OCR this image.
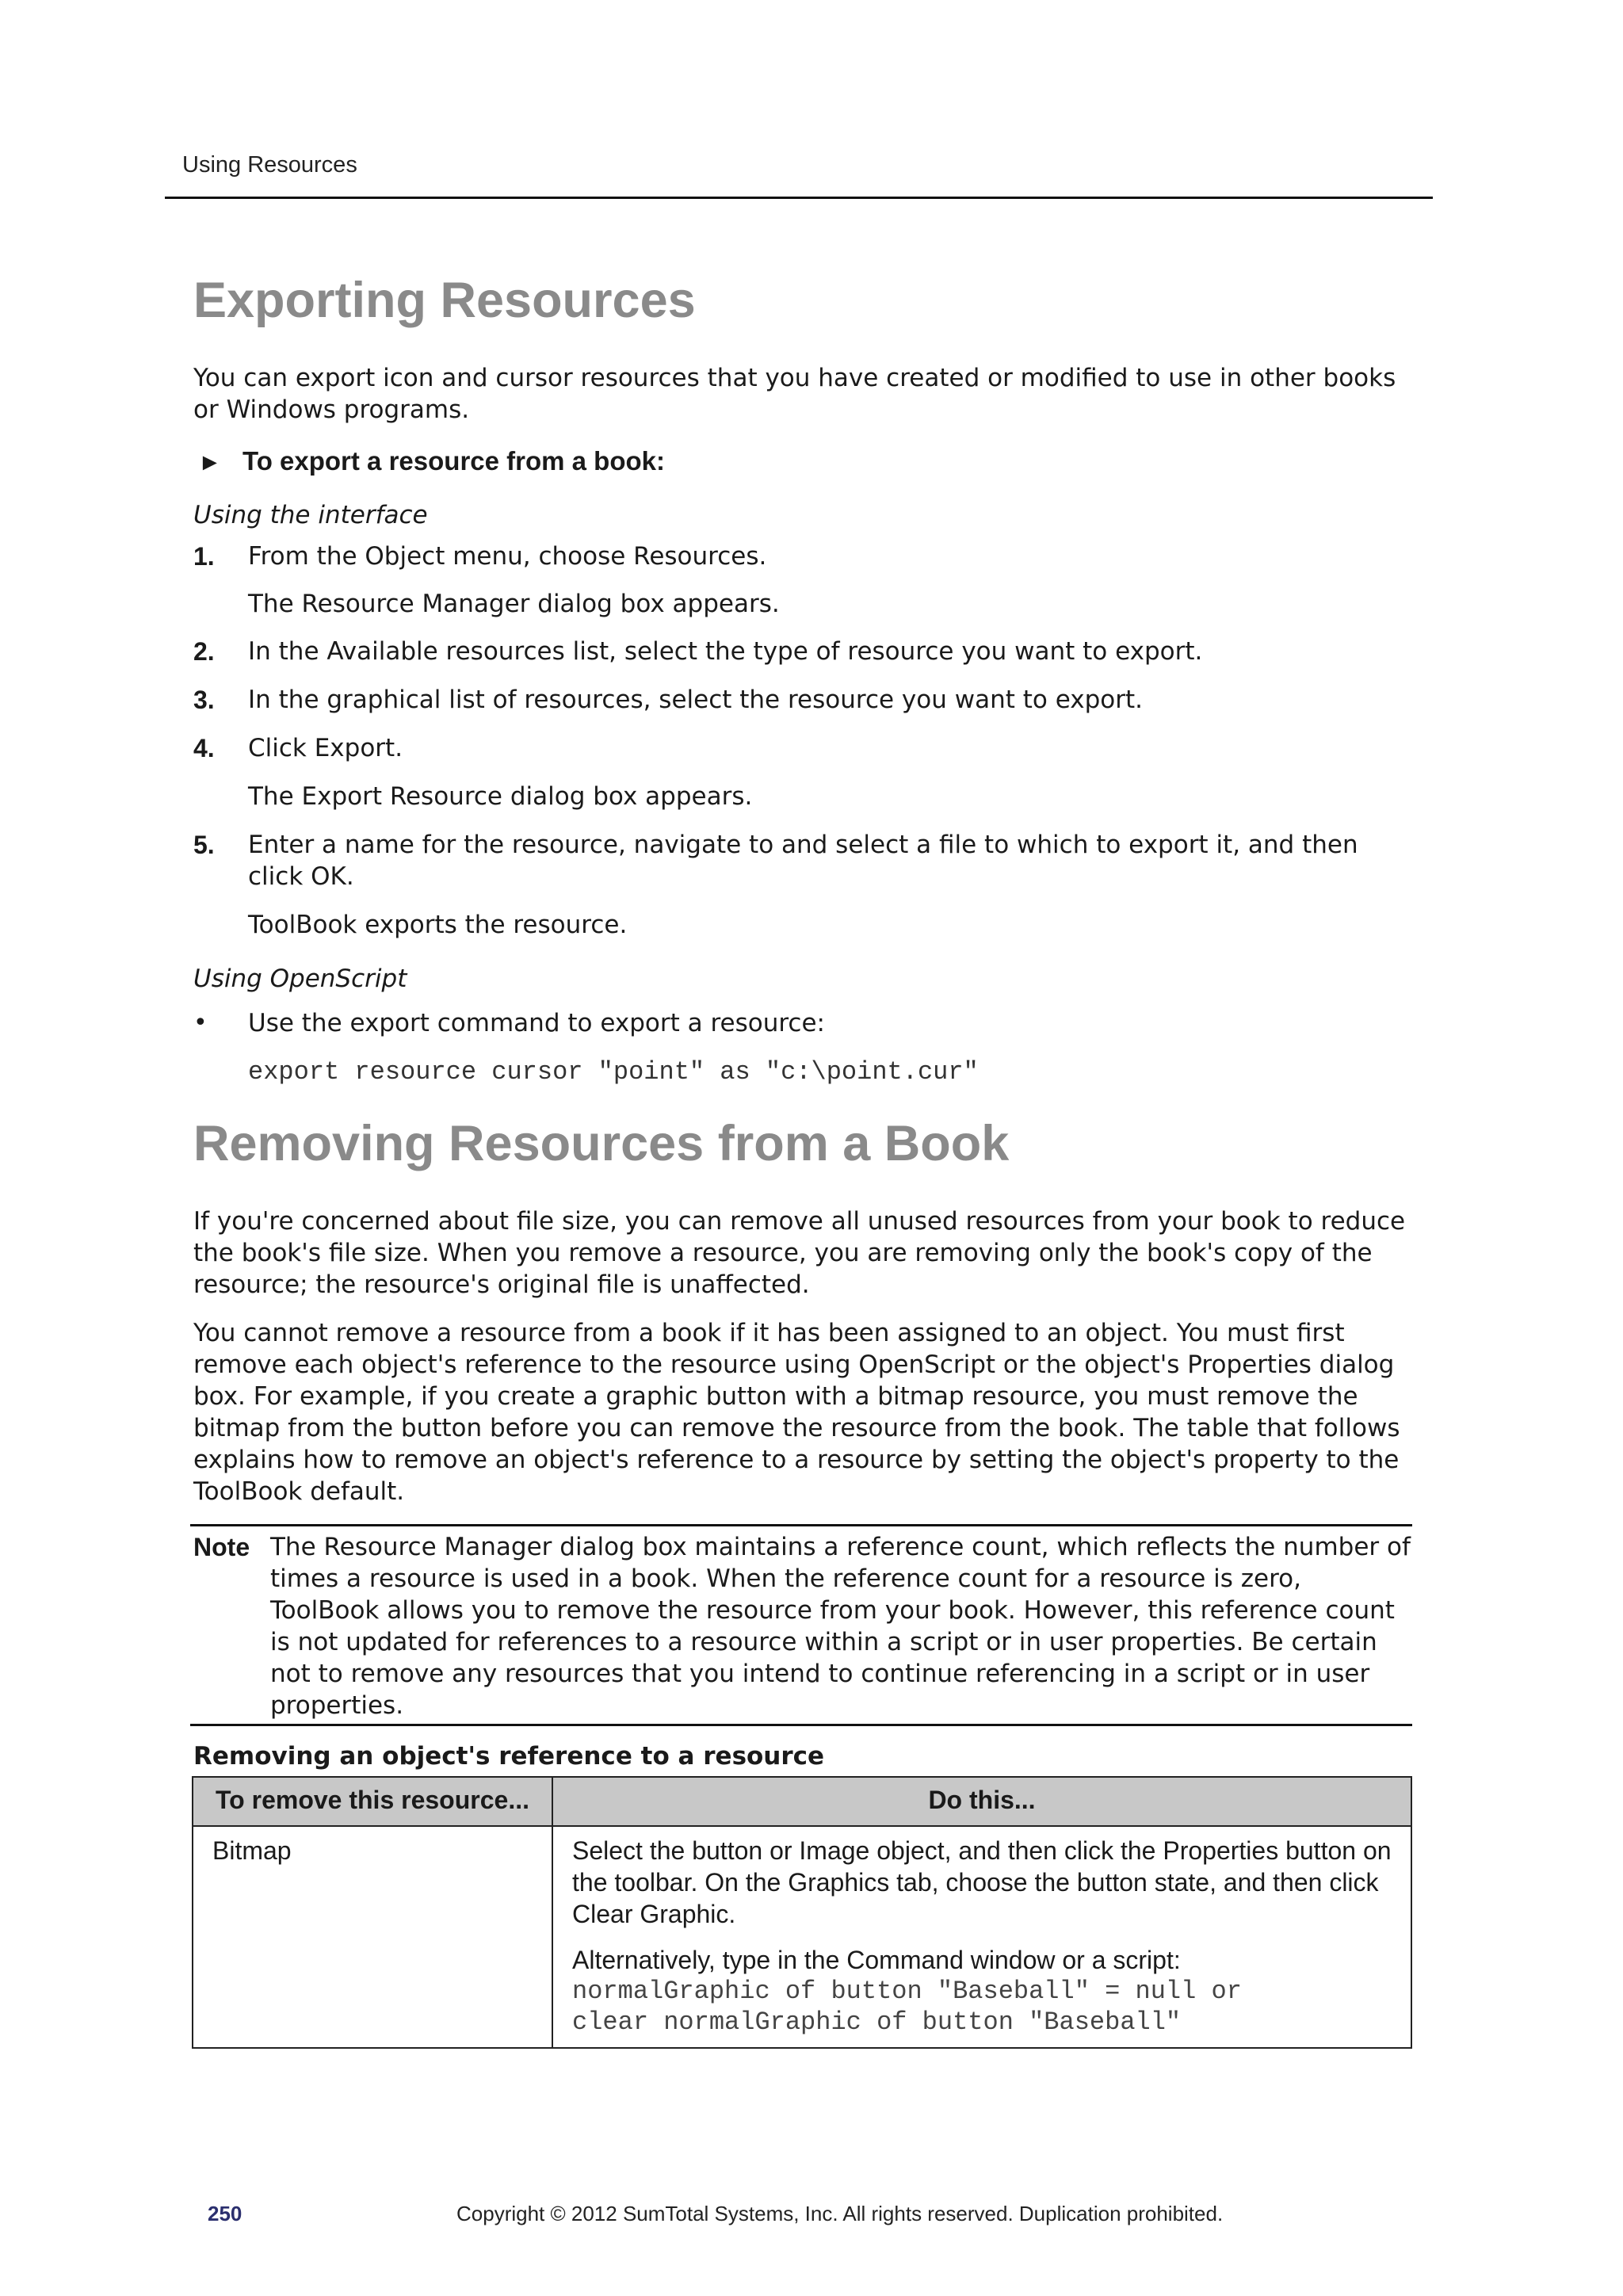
Using Resources
Exporting Resources
You can export icon and cursor resources that you have created or modified to use in other books or Windows programs.
► To export a resource from a book:
Using the interface
1. From the Object menu, choose Resources.
The Resource Manager dialog box appears.
2. In the Available resources list, select the type of resource you want to export.
3. In the graphical list of resources, select the resource you want to export.
4. Click Export.
The Export Resource dialog box appears.
5. Enter a name for the resource, navigate to and select a file to which to export it, and then click OK.
ToolBook exports the resource.
Using OpenScript
• Use the export command to export a resource:
export resource cursor "point" as "c:\point.cur"
Removing Resources from a Book
If you're concerned about file size, you can remove all unused resources from your book to reduce the book's file size. When you remove a resource, you are removing only the book's copy of the resource; the resource's original file is unaffected.
You cannot remove a resource from a book if it has been assigned to an object. You must first remove each object's reference to the resource using OpenScript or the object's Properties dialog box. For example, if you create a graphic button with a bitmap resource, you must remove the bitmap from the button before you can remove the resource from the book. The table that follows explains how to remove an object's reference to a resource by setting the object's property to the ToolBook default.
Note The Resource Manager dialog box maintains a reference count, which reflects the number of times a resource is used in a book. When the reference count for a resource is zero, ToolBook allows you to remove the resource from your book. However, this reference count is not updated for references to a resource within a script or in user properties. Be certain not to remove any resources that you intend to continue referencing in a script or in user properties.
Removing an object's reference to a resource
To remove this resource...	Do this...
Bitmap	Select the button or Image object, and then click the Properties button on the toolbar. On the Graphics tab, choose the button state, and then click Clear Graphic.

Alternatively, type in the Command window or a script:
normalGraphic of button "Baseball" = null or
clear normalGraphic of button "Baseball"
250	Copyright © 2012 SumTotal Systems, Inc. All rights reserved. Duplication prohibited.
